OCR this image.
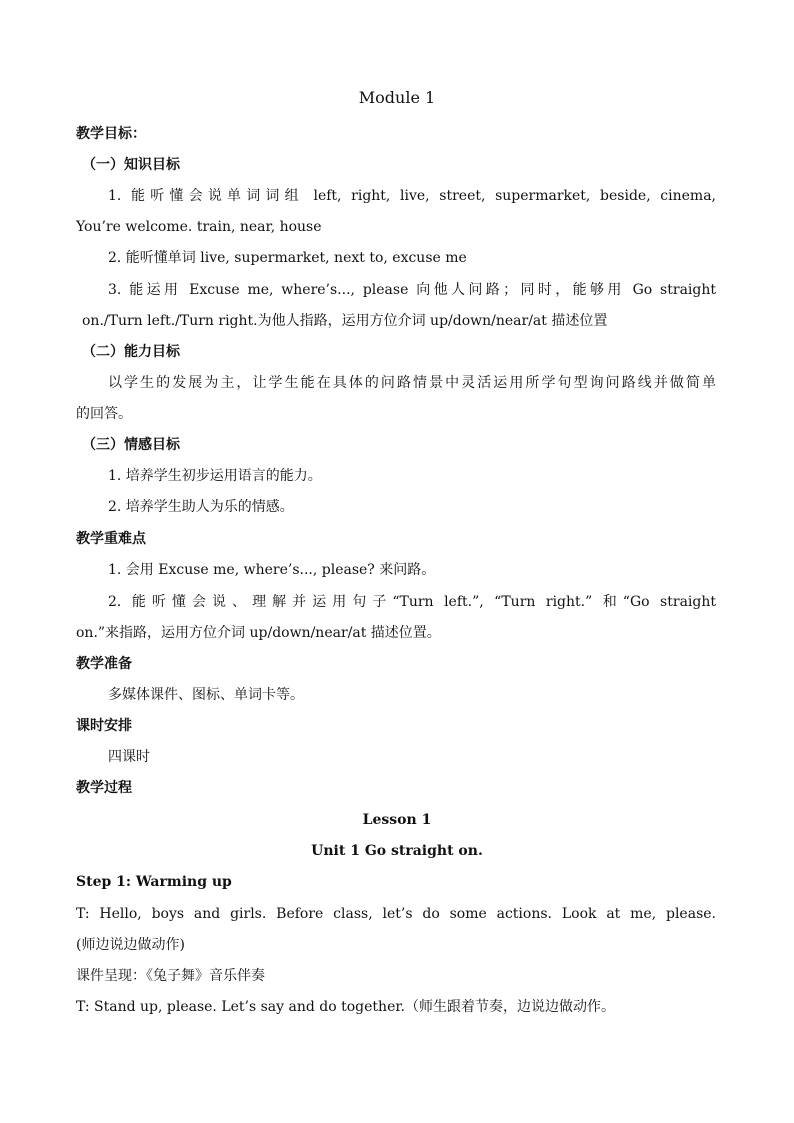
Module 1
教学目标：
（一）知识目标
1. 能听懂会说单词词组 left, right, live, street, supermarket, beside, cinema,
You’re welcome. train, near, house
2. 能听懂单词 live, supermarket, next to, excuse me
3. 能运用 Excuse me, where’s..., please 向他人问路；同时，能够用 Go straight
on./Turn left./Turn right.为他人指路，运用方位介词 up/down/near/at 描述位置
（二）能力目标
以学生的发展为主，让学生能在具体的问路情景中灵活运用所学句型询问路线并做简单
的回答。
（三）情感目标
1. 培养学生初步运用语言的能力。
2. 培养学生助人为乐的情感。
教学重难点
1. 会用 Excuse me, where’s..., please? 来问路。
2. 能听懂会说、理解并运用句子“Turn left.”, “Turn right.” 和“Go straight
on.”来指路，运用方位介词 up/down/near/at 描述位置。
教学准备
多媒体课件、图标、单词卡等。
课时安排
四课时
教学过程
Lesson 1
Unit 1 Go straight on.
Step 1: Warming up
T: Hello, boys and girls. Before class, let’s do some actions. Look at me, please.
(师边说边做动作)
课件呈现：《兔子舞》音乐伴奏
T: Stand up, please. Let’s say and do together.（师生跟着节奏，边说边做动作。
